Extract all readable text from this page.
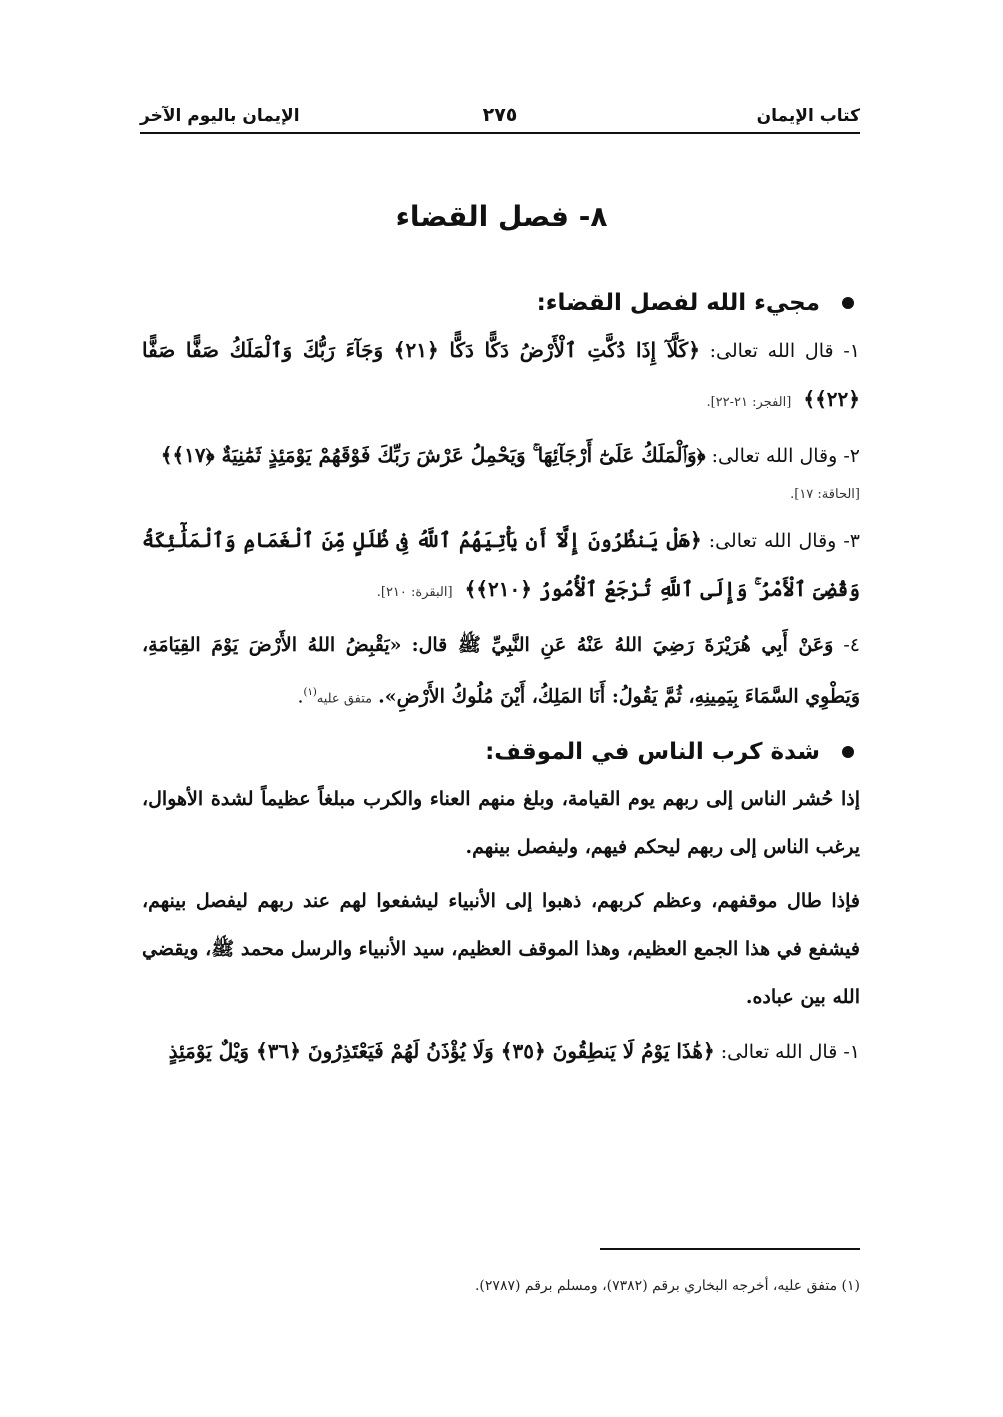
كتاب الإيمان
٢٧٥
الإيمان باليوم الآخر
٨- فصل القضاء
مجيء الله لفصل القضاء:
١- قال الله تعالى: ﴿كَلَّآ إِذَا دُكَّتِ ٱلْأَرْضُ دَكًّا دَكًّا ﴿٢١﴾ وَجَآءَ رَبُّكَ وَٱلْمَلَكُ صَفًّا صَفًّا ﴿٢٢﴾﴾ [الفجر: ٢١-٢٢].
٢- وقال الله تعالى: ﴿وَٱلْمَلَكُ عَلَىٰٓ أَرْجَآئِهَا ۚ وَيَحْمِلُ عَرْشَ رَبِّكَ فَوْقَهُمْ يَوْمَئِذٍ ثَمَٰنِيَةٌ ﴿١٧﴾﴾
[الحاقة: ١٧].
٣- وقال الله تعالى: ﴿هَلْ يَنظُرُونَ إِلَّآ أَن يَأْتِيَهُمُ ٱللَّهُ فِى ظُلَلٍ مِّنَ ٱلْغَمَامِ وَٱلْمَلَٰٓئِكَةُ وَقُضِىَ ٱلْأَمْرُ ۚ وَإِلَى ٱللَّهِ تُرْجَعُ ٱلْأُمُورُ ﴿٢١٠﴾﴾ [البقرة: ٢١٠].
٤- وَعَنْ أَبِي هُرَيْرَةَ رَضِيَ اللهُ عَنْهُ عَنِ النَّبِيِّ ﷺ قال: «يَقْبِضُ اللهُ الأَرْضَ يَوْمَ القِيَامَةِ، وَيَطْوِي السَّمَاءَ بِيَمِينِهِ، ثُمَّ يَقُولُ: أَنَا المَلِكُ، أَيْنَ مُلُوكُ الأَرْضِ». متفق عليه$^{(١)}$.
شدة كرب الناس في الموقف:

إذا حُشر الناس إلى ربهم يوم القيامة، وبلغ منهم العناء والكرب مبلغاً عظيماً لشدة الأهوال، يرغب الناس إلى ربهم ليحكم فيهم، وليفصل بينهم.

فإذا طال موقفهم، وعظم كربهم، ذهبوا إلى الأنبياء ليشفعوا لهم عند ربهم ليفصل بينهم، فيشفع في هذا الجمع العظيم، وهذا الموقف العظيم، سيد الأنبياء والرسل محمد ﷺ، ويقضي الله بين عباده.

١- قال الله تعالى: ﴿هَٰذَا يَوْمُ لَا يَنطِقُونَ ﴿٣٥﴾ وَلَا يُؤْذَنُ لَهُمْ فَيَعْتَذِرُونَ ﴿٣٦﴾ وَيْلٌ يَوْمَئِذٍ
(١) متفق عليه، أخرجه البخاري برقم (٧٣٨٢)، ومسلم برقم (٢٧٨٧).
